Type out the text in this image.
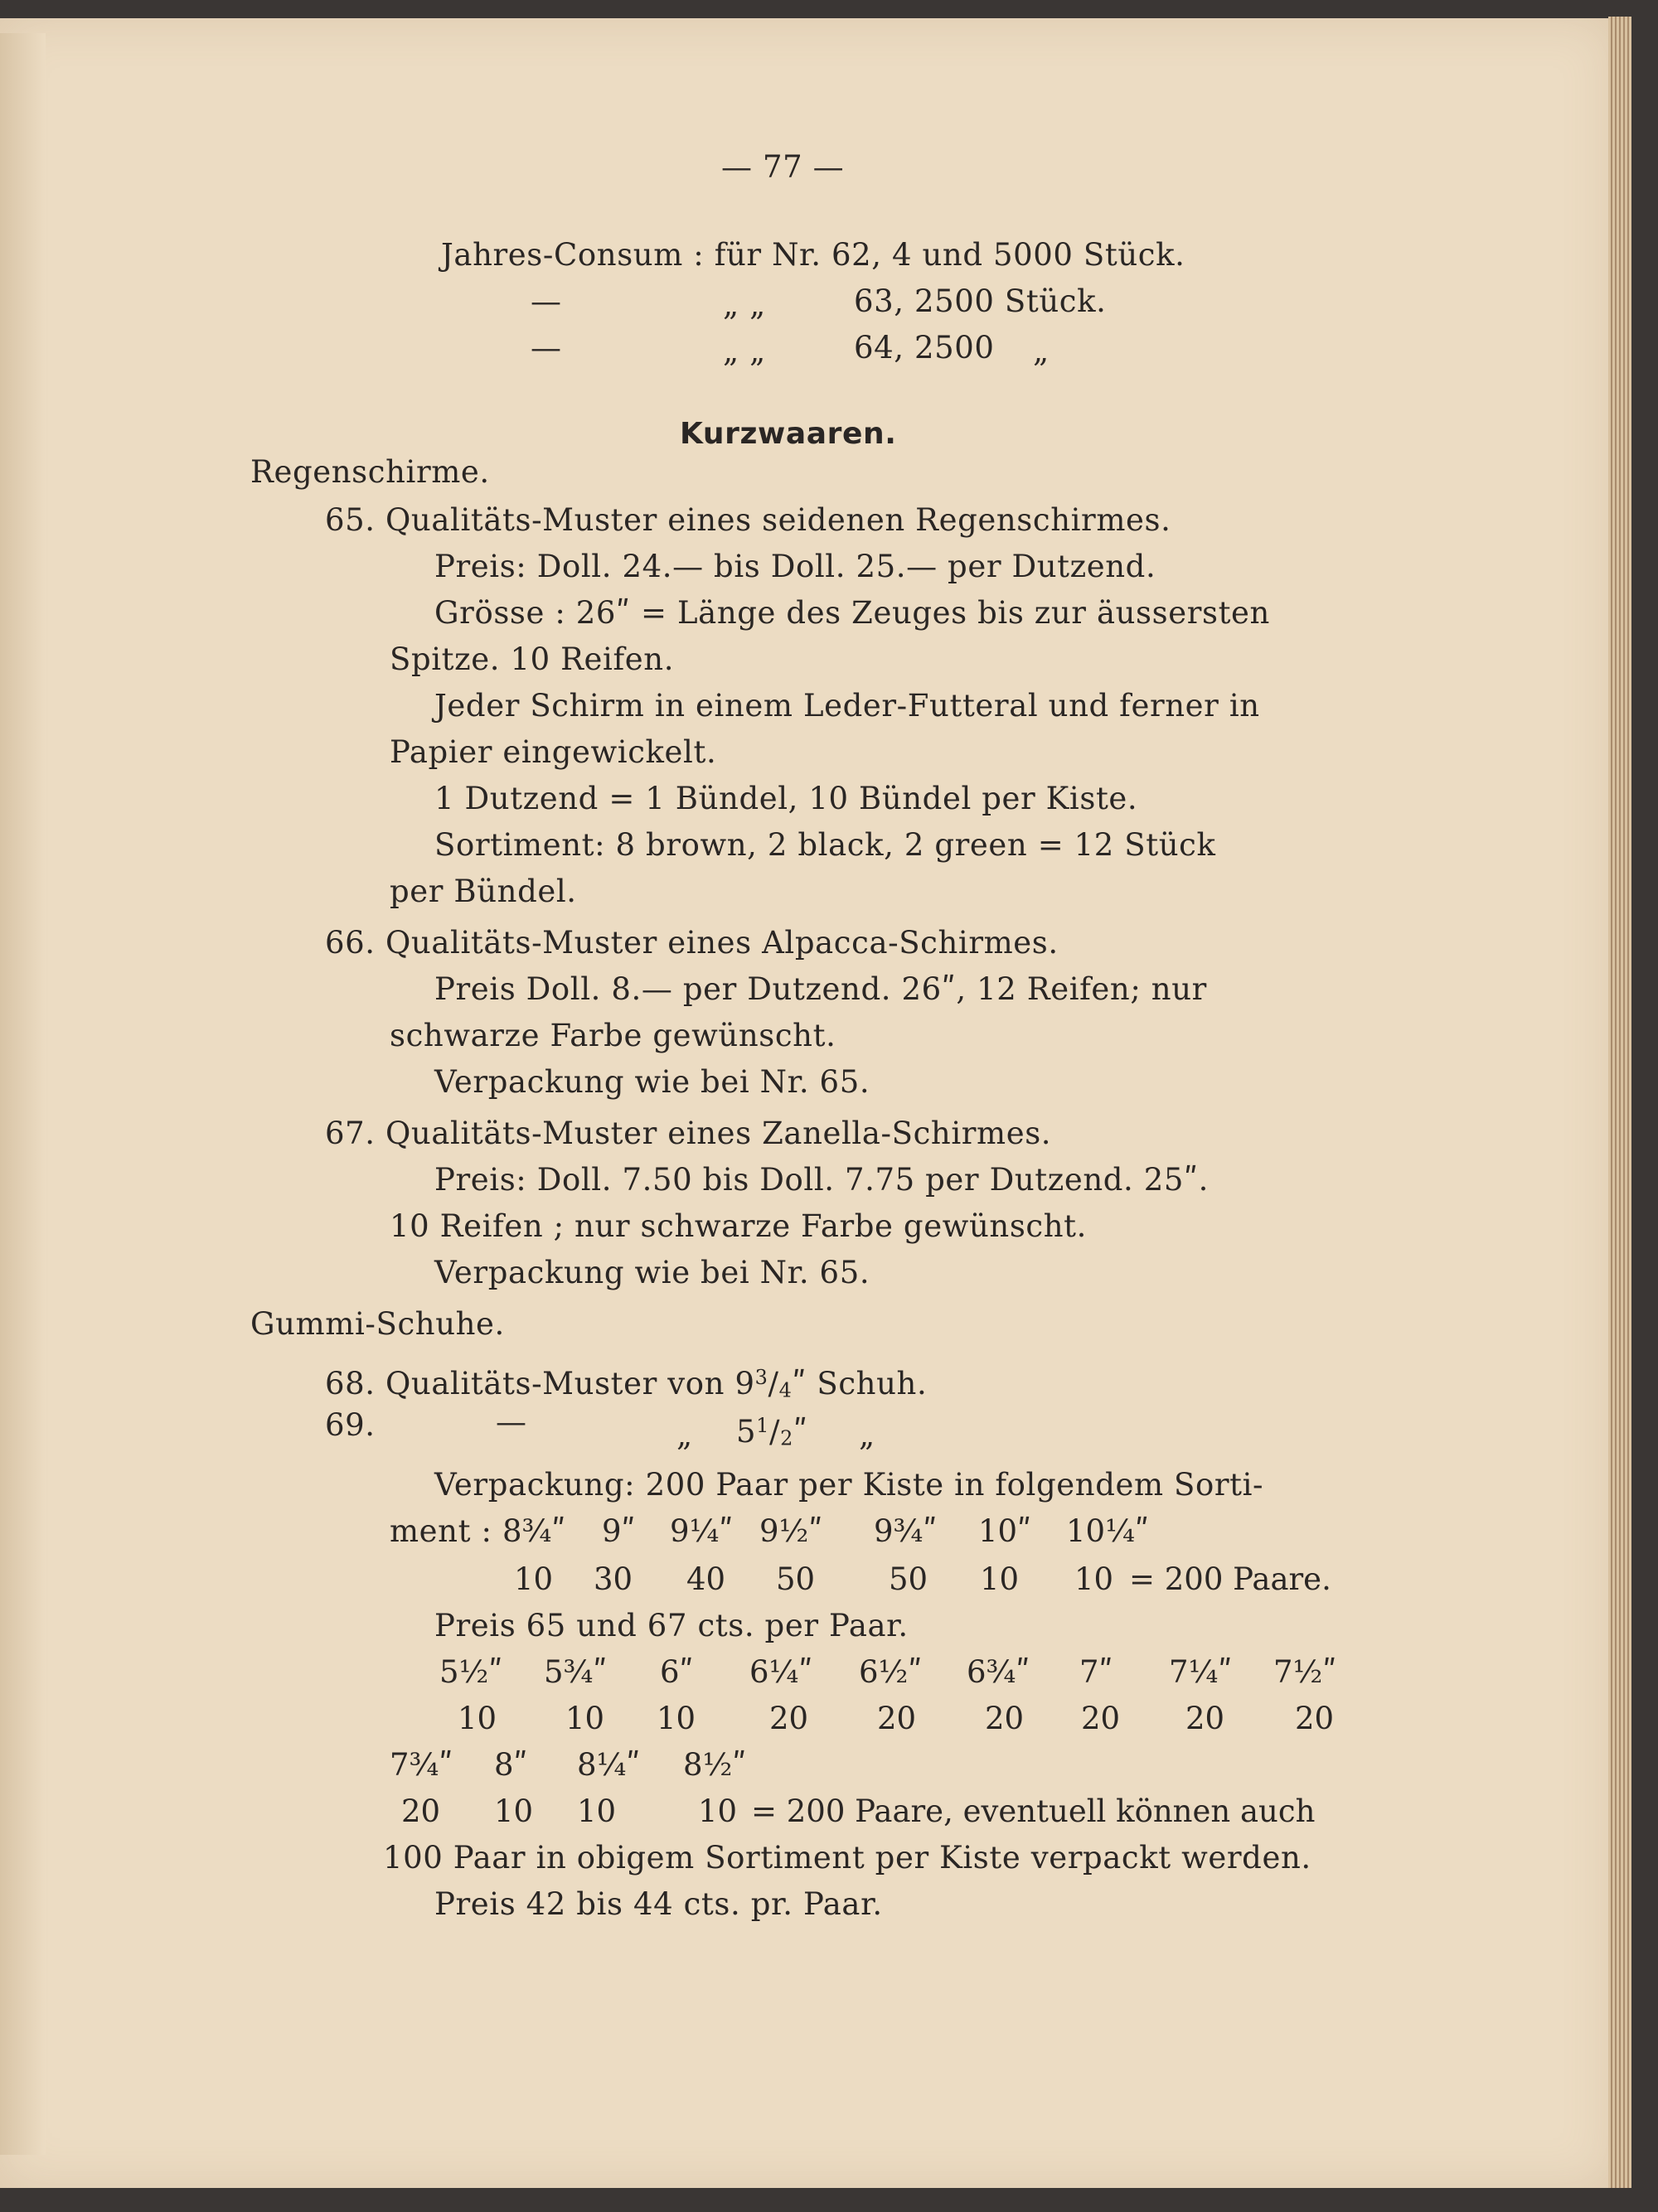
— 77 —
Jahres-Consum : für Nr. 62, 4 und 5000 Stück.
—	„ „	63, 2500 Stück.
—	„ „	64, 2500 „
Kurzwaaren.
Regenschirme.
65. Qualitäts-Muster eines seidenen Regenschirmes.
Preis: Doll. 24.— bis Doll. 25.— per Dutzend.
Grösse : 26ʺ = Länge des Zeuges bis zur äussersten
Spitze. 10 Reifen.
Jeder Schirm in einem Leder-Futteral und ferner in
Papier eingewickelt.
1 Dutzend = 1 Bündel, 10 Bündel per Kiste.
Sortiment: 8 brown, 2 black, 2 green = 12 Stück
per Bündel.
66. Qualitäts-Muster eines Alpacca-Schirmes.
Preis Doll. 8.— per Dutzend. 26ʺ, 12 Reifen; nur
schwarze Farbe gewünscht.
Verpackung wie bei Nr. 65.
67. Qualitäts-Muster eines Zanella-Schirmes.
Preis: Doll. 7.50 bis Doll. 7.75 per Dutzend. 25ʺ.
10 Reifen ; nur schwarze Farbe gewünscht.
Verpackung wie bei Nr. 65.
Gummi-Schuhe.
68. Qualitäts-Muster von $9^3/4ʺ$ Schuh.
69.	—	„ $5^1/2ʺ$ „
Verpackung: 200 Paar per Kiste in folgendem Sorti-
ment : 8¾ʺ 9ʺ 9¼ʺ 9½ʺ 9¾ʺ 10ʺ 10¼ʺ
10 30 40 50 50 10 10 = 200 Paare.
Preis 65 und 67 cts. per Paar.
5½ʺ 5¾ʺ 6ʺ 6¼ʺ 6½ʺ 6¾ʺ 7ʺ 7¼ʺ 7½ʺ
10 10 10 20 20 20 20 20 20
7¾ʺ 8ʺ 8¼ʺ 8½ʺ
20 10 10	10 = 200 Paare, eventuell können auch
100 Paar in obigem Sortiment per Kiste verpackt werden.
Preis 42 bis 44 cts. pr. Paar.
